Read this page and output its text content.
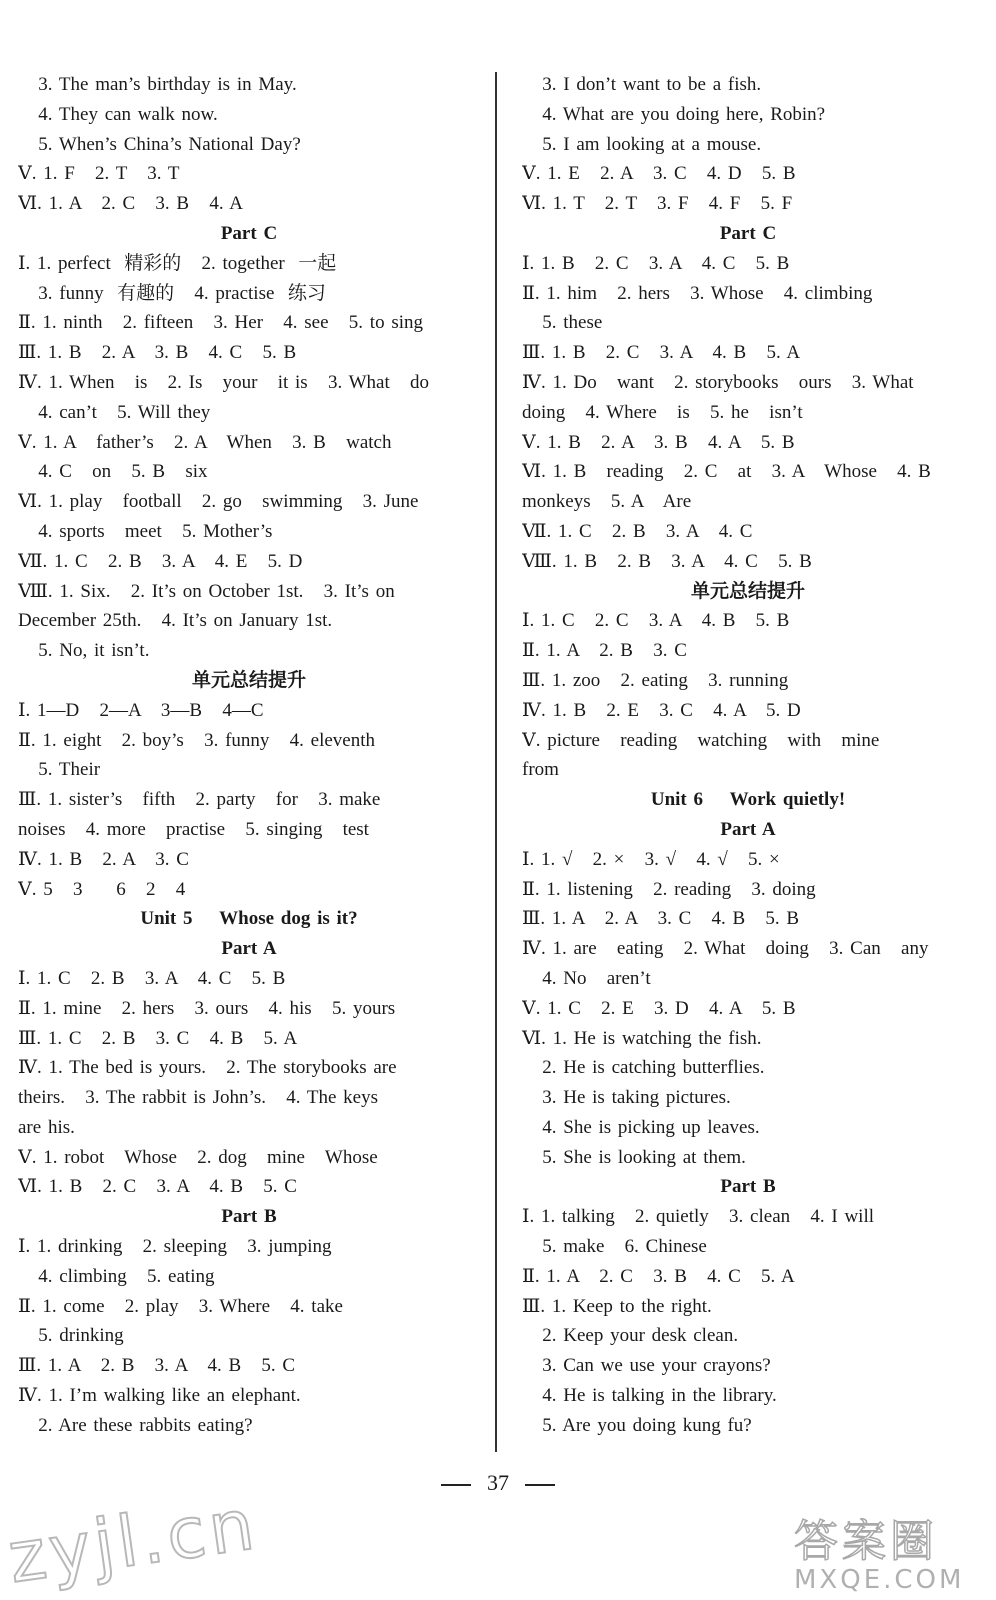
3. The man’s birthday is in May.
4. They can walk now.
5. When’s China’s National Day?
Ⅴ. 1. F   2. T   3. T
Ⅵ. 1. A   2. C   3. B   4. A
Part C
Ⅰ. 1. perfect  精彩的   2. together  一起
3. funny  有趣的   4. practise  练习
Ⅱ. 1. ninth   2. fifteen   3. Her   4. see   5. to sing
Ⅲ. 1. B   2. A   3. B   4. C   5. B
Ⅳ. 1. When   is   2. Is   your   it is   3. What   do
4. can’t   5. Will they
Ⅴ. 1. A   father’s   2. A   When   3. B   watch
4. C   on   5. B   six
Ⅵ. 1. play   football   2. go   swimming   3. June
4. sports   meet   5. Mother’s
Ⅶ. 1. C   2. B   3. A   4. E   5. D
Ⅷ. 1. Six.   2. It’s on October 1st.   3. It’s on
December 25th.   4. It’s on January 1st.
5. No, it isn’t.
单元总结提升
Ⅰ. 1—D   2—A   3—B   4—C
Ⅱ. 1. eight   2. boy’s   3. funny   4. eleventh
5. Their
Ⅲ. 1. sister’s   fifth   2. party   for   3. make
noises   4. more   practise   5. singing   test
Ⅳ. 1. B   2. A   3. C
Ⅴ. 5   3     6   2   4
Unit 5    Whose dog is it?
Part A
Ⅰ. 1. C   2. B   3. A   4. C   5. B
Ⅱ. 1. mine   2. hers   3. ours   4. his   5. yours
Ⅲ. 1. C   2. B   3. C   4. B   5. A
Ⅳ. 1. The bed is yours.   2. The storybooks are
theirs.   3. The rabbit is John’s.   4. The keys
are his.
Ⅴ. 1. robot   Whose   2. dog   mine   Whose
Ⅵ. 1. B   2. C   3. A   4. B   5. C
Part B
Ⅰ. 1. drinking   2. sleeping   3. jumping
4. climbing   5. eating
Ⅱ. 1. come   2. play   3. Where   4. take
5. drinking
Ⅲ. 1. A   2. B   3. A   4. B   5. C
Ⅳ. 1. I’m walking like an elephant.
2. Are these rabbits eating?
3. I don’t want to be a fish.
4. What are you doing here, Robin?
5. I am looking at a mouse.
Ⅴ. 1. E   2. A   3. C   4. D   5. B
Ⅵ. 1. T   2. T   3. F   4. F   5. F
Part C
Ⅰ. 1. B   2. C   3. A   4. C   5. B
Ⅱ. 1. him   2. hers   3. Whose   4. climbing
5. these
Ⅲ. 1. B   2. C   3. A   4. B   5. A
Ⅳ. 1. Do   want   2. storybooks   ours   3. What
doing   4. Where   is   5. he   isn’t
Ⅴ. 1. B   2. A   3. B   4. A   5. B
Ⅵ. 1. B   reading   2. C   at   3. A   Whose   4. B
monkeys   5. A   Are
Ⅶ. 1. C   2. B   3. A   4. C
Ⅷ. 1. B   2. B   3. A   4. C   5. B
单元总结提升
Ⅰ. 1. C   2. C   3. A   4. B   5. B
Ⅱ. 1. A   2. B   3. C
Ⅲ. 1. zoo   2. eating   3. running
Ⅳ. 1. B   2. E   3. C   4. A   5. D
Ⅴ. picture   reading   watching   with   mine
from
Unit 6    Work quietly!
Part A
Ⅰ. 1. √   2. ×   3. √   4. √   5. ×
Ⅱ. 1. listening   2. reading   3. doing
Ⅲ. 1. A   2. A   3. C   4. B   5. B
Ⅳ. 1. are   eating   2. What   doing   3. Can   any
4. No   aren’t
Ⅴ. 1. C   2. E   3. D   4. A   5. B
Ⅵ. 1. He is watching the fish.
2. He is catching butterflies.
3. He is taking pictures.
4. She is picking up leaves.
5. She is looking at them.
Part B
Ⅰ. 1. talking   2. quietly   3. clean   4. I will
5. make   6. Chinese
Ⅱ. 1. A   2. C   3. B   4. C   5. A
Ⅲ. 1. Keep to the right.
2. Keep your desk clean.
3. Can we use your crayons?
4. He is talking in the library.
5. Are you doing kung fu?
37
zyjl.cn	答案圈
MXQE.COM
